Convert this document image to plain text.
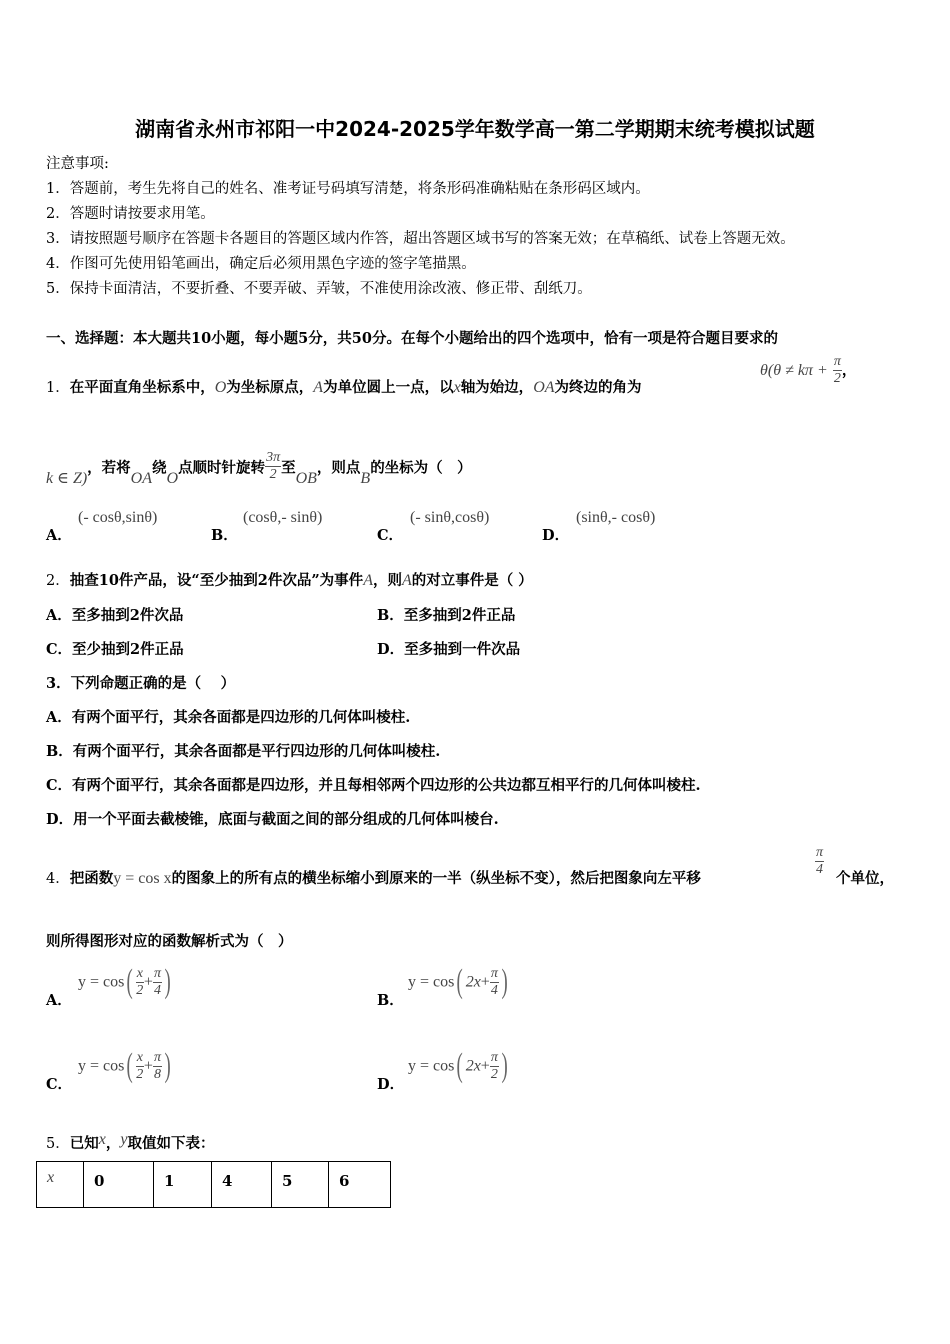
湖南省永州市祁阳一中2024-2025学年数学高一第二学期期末统考模拟试题
注意事项:
1．答题前，考生先将自己的姓名、准考证号码填写清楚，将条形码准确粘贴在条形码区域内。
2．答题时请按要求用笔。
3．请按照题号顺序在答题卡各题目的答题区域内作答，超出答题区域书写的答案无效；在草稿纸、试卷上答题无效。
4．作图可先使用铅笔画出，确定后必须用黑色字迹的签字笔描黑。
5．保持卡面清洁，不要折叠、不要弄破、弄皱，不准使用涂改液、修正带、刮纸刀。
一、选择题：本大题共10小题，每小题5分，共50分。在每个小题给出的四个选项中，恰有一项是符合题目要求的
1．在平面直角坐标系中，O为坐标原点，A为单位圆上一点，以x轴为始边，OA为终边的角为
$\theta(\theta \ne k\pi + \frac{\pi}{2}$ ，
k ∈ Z)，若将OA绕O点顺时针旋转 $\frac{3\pi}{2}$ 至OB，则点B的坐标为（　）
A．
(- cosθ,sinθ)
B．
(cosθ,- sinθ)
C．
(- sinθ,cosθ)
D．
(sinθ,- cosθ)
2．抽查10件产品，设“至少抽到2件次品”为事件A，则A的对立事件是（ ）
A．至多抽到2件次品	B．至多抽到2件正品
C．至少抽到2件正品	D．至多抽到一件次品
3．下列命题正确的是（　 ）
A．有两个面平行，其余各面都是四边形的几何体叫棱柱.
B．有两个面平行，其余各面都是平行四边形的几何体叫棱柱.
C．有两个面平行，其余各面都是四边形，并且每相邻两个四边形的公共边都互相平行的几何体叫棱柱.
D．用一个平面去截棱锥，底面与截面之间的部分组成的几何体叫棱台.
4．把函数y = cos x的图象上的所有点的横坐标缩小到原来的一半（纵坐标不变），然后把图象向左平移
$\frac{\pi}{4}$
个单位，
则所得图形对应的函数解析式为（　）
A．
$y = \cos( \frac{x}{2} + \frac{\pi}{4}$ )
B．
y = cos( $2x+ \frac{\pi}{4}$ )
C．
$y = \cos( \frac{x}{2} + \frac{\pi}{8}$ )
D．
y = cos( $2x+ \frac{\pi}{2}$ )
5．已知x，y取值如下表：
x	0	1	4	5	6
